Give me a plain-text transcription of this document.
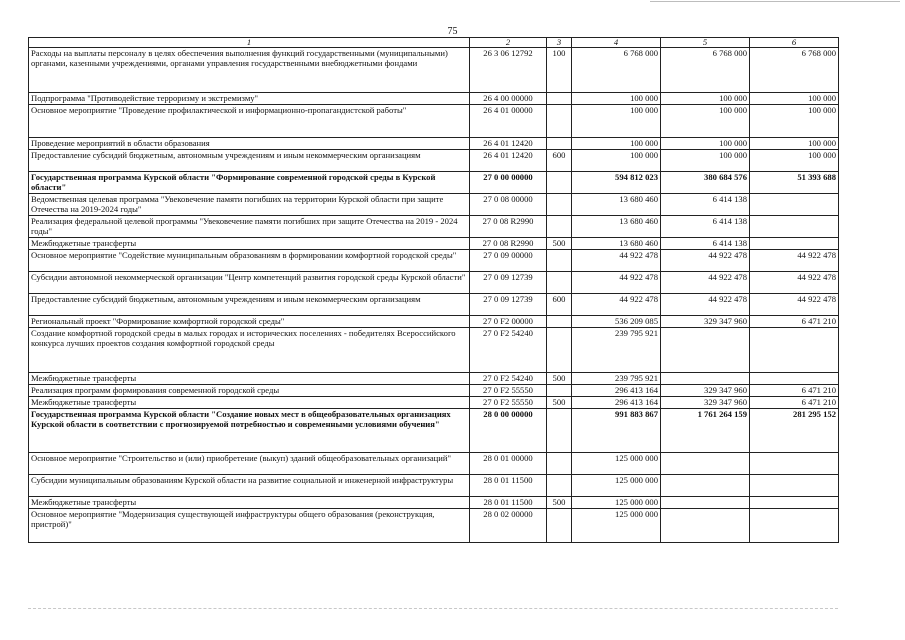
75
1	2	3	4	5	6
Расходы на выплаты персоналу в целях обеспечения выполнения функций государственными (муниципальными) органами, казенными учреждениями, органами управления государственными внебюджетными фондами	26 3 06 12792	100	6 768 000	6 768 000	6 768 000
Подпрограмма "Противодействие терроризму и экстремизму"	26 4 00 00000		100 000	100 000	100 000
Основное мероприятие "Проведение профилактической и информационно-пропагандистской работы"	26 4 01 00000		100 000	100 000	100 000
Проведение мероприятий в области образования	26 4 01 12420		100 000	100 000	100 000
Предоставление субсидий бюджетным, автономным учреждениям и иным некоммерческим организациям	26 4 01 12420	600	100 000	100 000	100 000
Государственная программа Курской области "Формирование современной городской среды в Курской области"	27 0 00 00000		594 812 023	380 684 576	51 393 688
Ведомственная целевая программа "Увековечение памяти погибших на территории Курской области при защите Отечества на 2019-2024 годы"	27 0 08 00000		13 680 460	6 414 138	
Реализация федеральной целевой программы "Увековечение памяти погибших при защите Отечества на 2019 - 2024 годы"	27 0 08 R2990		13 680 460	6 414 138	
Межбюджетные трансферты	27 0 08 R2990	500	13 680 460	6 414 138	
Основное мероприятие "Содействие муниципальным образованиям в формировании комфортной городской среды"	27 0 09 00000		44 922 478	44 922 478	44 922 478
Субсидии автономной некоммерческой организации "Центр компетенций развития городской среды Курской области"	27 0 09 12739		44 922 478	44 922 478	44 922 478
Предоставление субсидий бюджетным, автономным учреждениям и иным некоммерческим организациям	27 0 09 12739	600	44 922 478	44 922 478	44 922 478
Региональный проект "Формирование комфортной городской среды"	27 0 F2 00000		536 209 085	329 347 960	6 471 210
Создание комфортной городской среды в малых городах и исторических поселениях - победителях Всероссийского конкурса лучших проектов создания комфортной городской среды	27 0 F2 54240		239 795 921		
Межбюджетные трансферты	27 0 F2 54240	500	239 795 921		
Реализация программ формирования современной городской среды	27 0 F2 55550		296 413 164	329 347 960	6 471 210
Межбюджетные трансферты	27 0 F2 55550	500	296 413 164	329 347 960	6 471 210
Государственная программа Курской области "Создание новых мест в общеобразовательных организациях Курской области в соответствии с прогнозируемой потребностью и современными условиями обучения"	28 0 00 00000		991 883 867	1 761 264 159	281 295 152
Основное мероприятие "Строительство и (или) приобретение (выкуп) зданий общеобразовательных организаций"	28 0 01 00000		125 000 000		
Субсидии муниципальным образованиям Курской области на развитие социальной и инженерной инфраструктуры	28 0 01 11500		125 000 000		
Межбюджетные трансферты	28 0 01 11500	500	125 000 000		
Основное мероприятие "Модернизация существующей инфраструктуры общего образования (реконструкция, пристрой)"	28 0 02 00000		125 000 000		
